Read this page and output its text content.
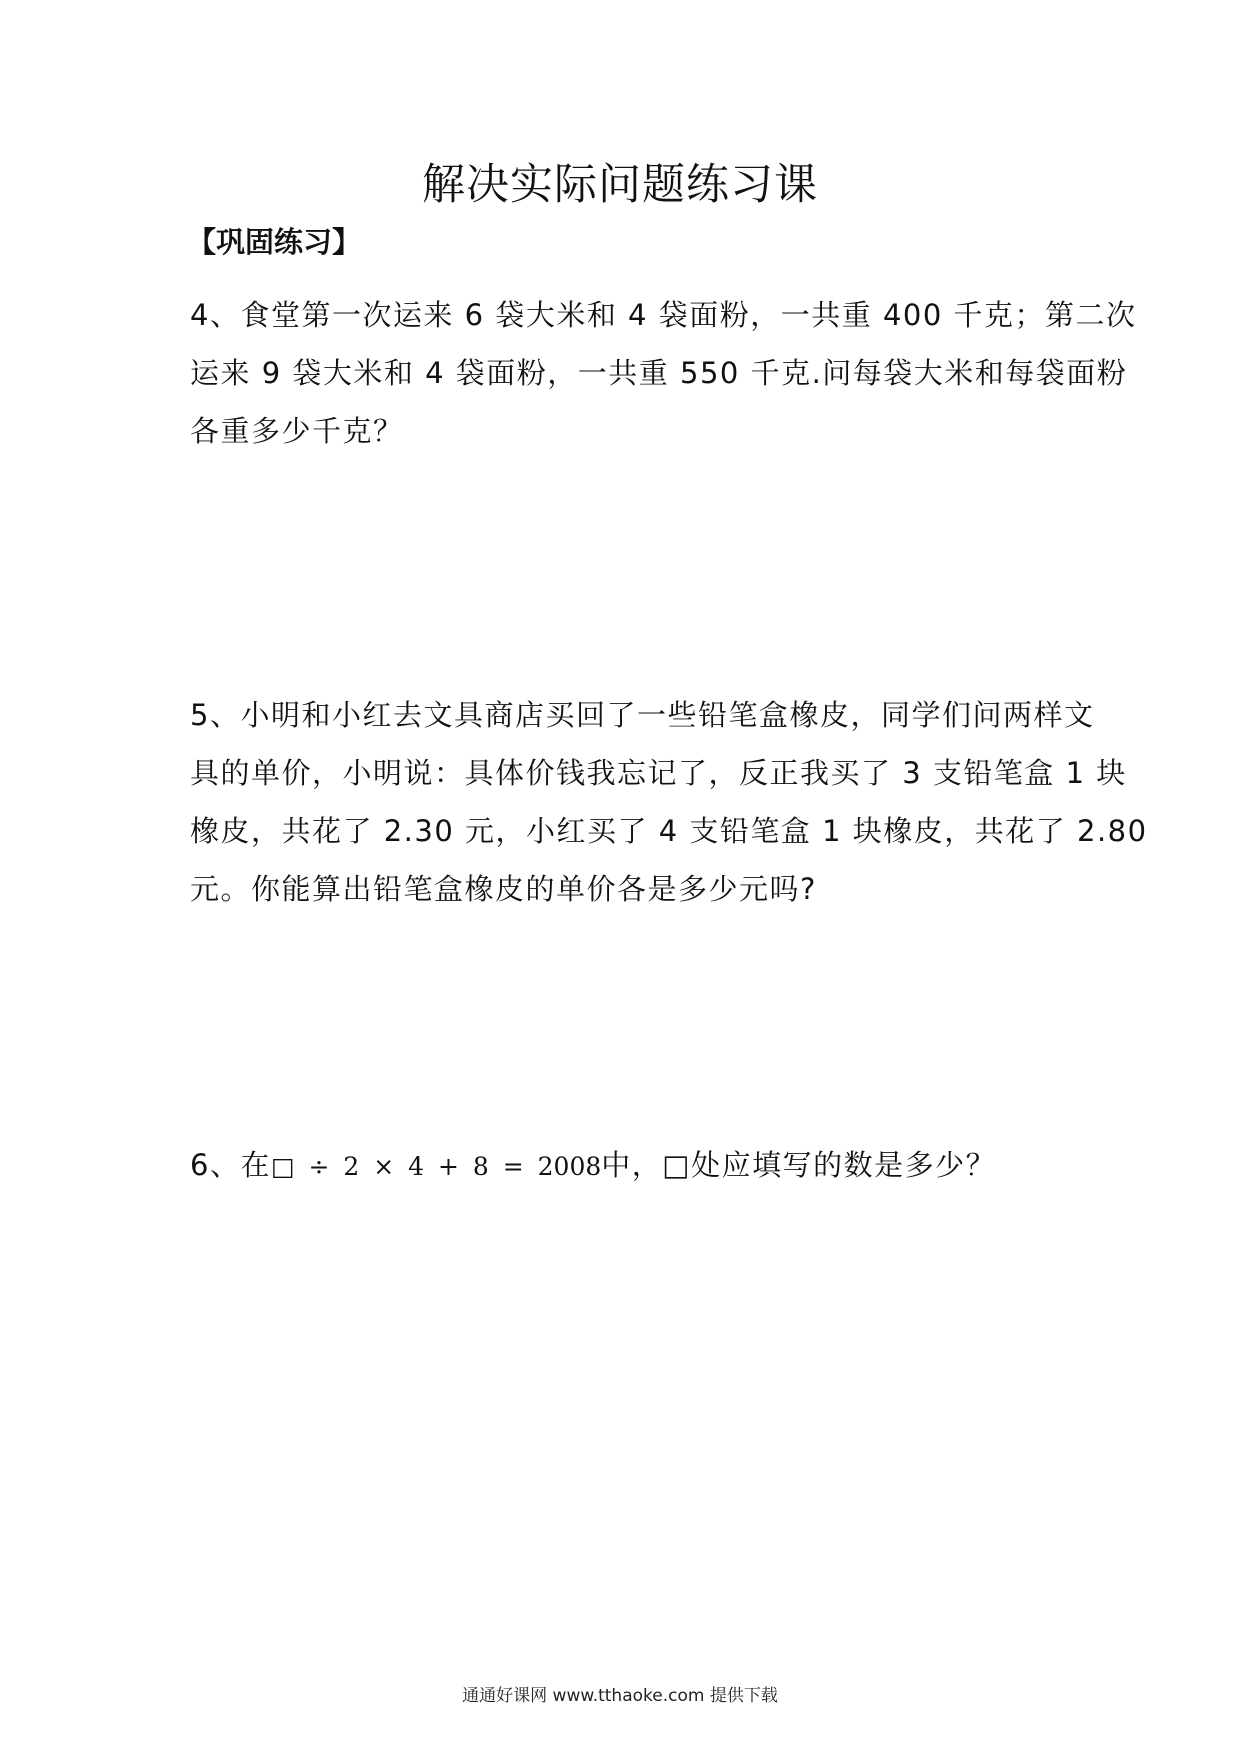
解决实际问题练习课
【巩固练习】
4、食堂第一次运来 6 袋大米和 4 袋面粉，一共重 400 千克；第二次
运来 9 袋大米和 4 袋面粉，一共重 550 千克.问每袋大米和每袋面粉
各重多少千克？
5、小明和小红去文具商店买回了一些铅笔盒橡皮，同学们问两样文
具的单价，小明说：具体价钱我忘记了，反正我买了 3 支铅笔盒 1 块
橡皮，共花了 2.30 元，小红买了 4 支铅笔盒 1 块橡皮，共花了 2.80
元。你能算出铅笔盒橡皮的单价各是多少元吗?
6、在□ ÷ 2 × 4 + 8 = 2008中，□处应填写的数是多少？
通通好课网 www.tthaoke.com 提供下载
